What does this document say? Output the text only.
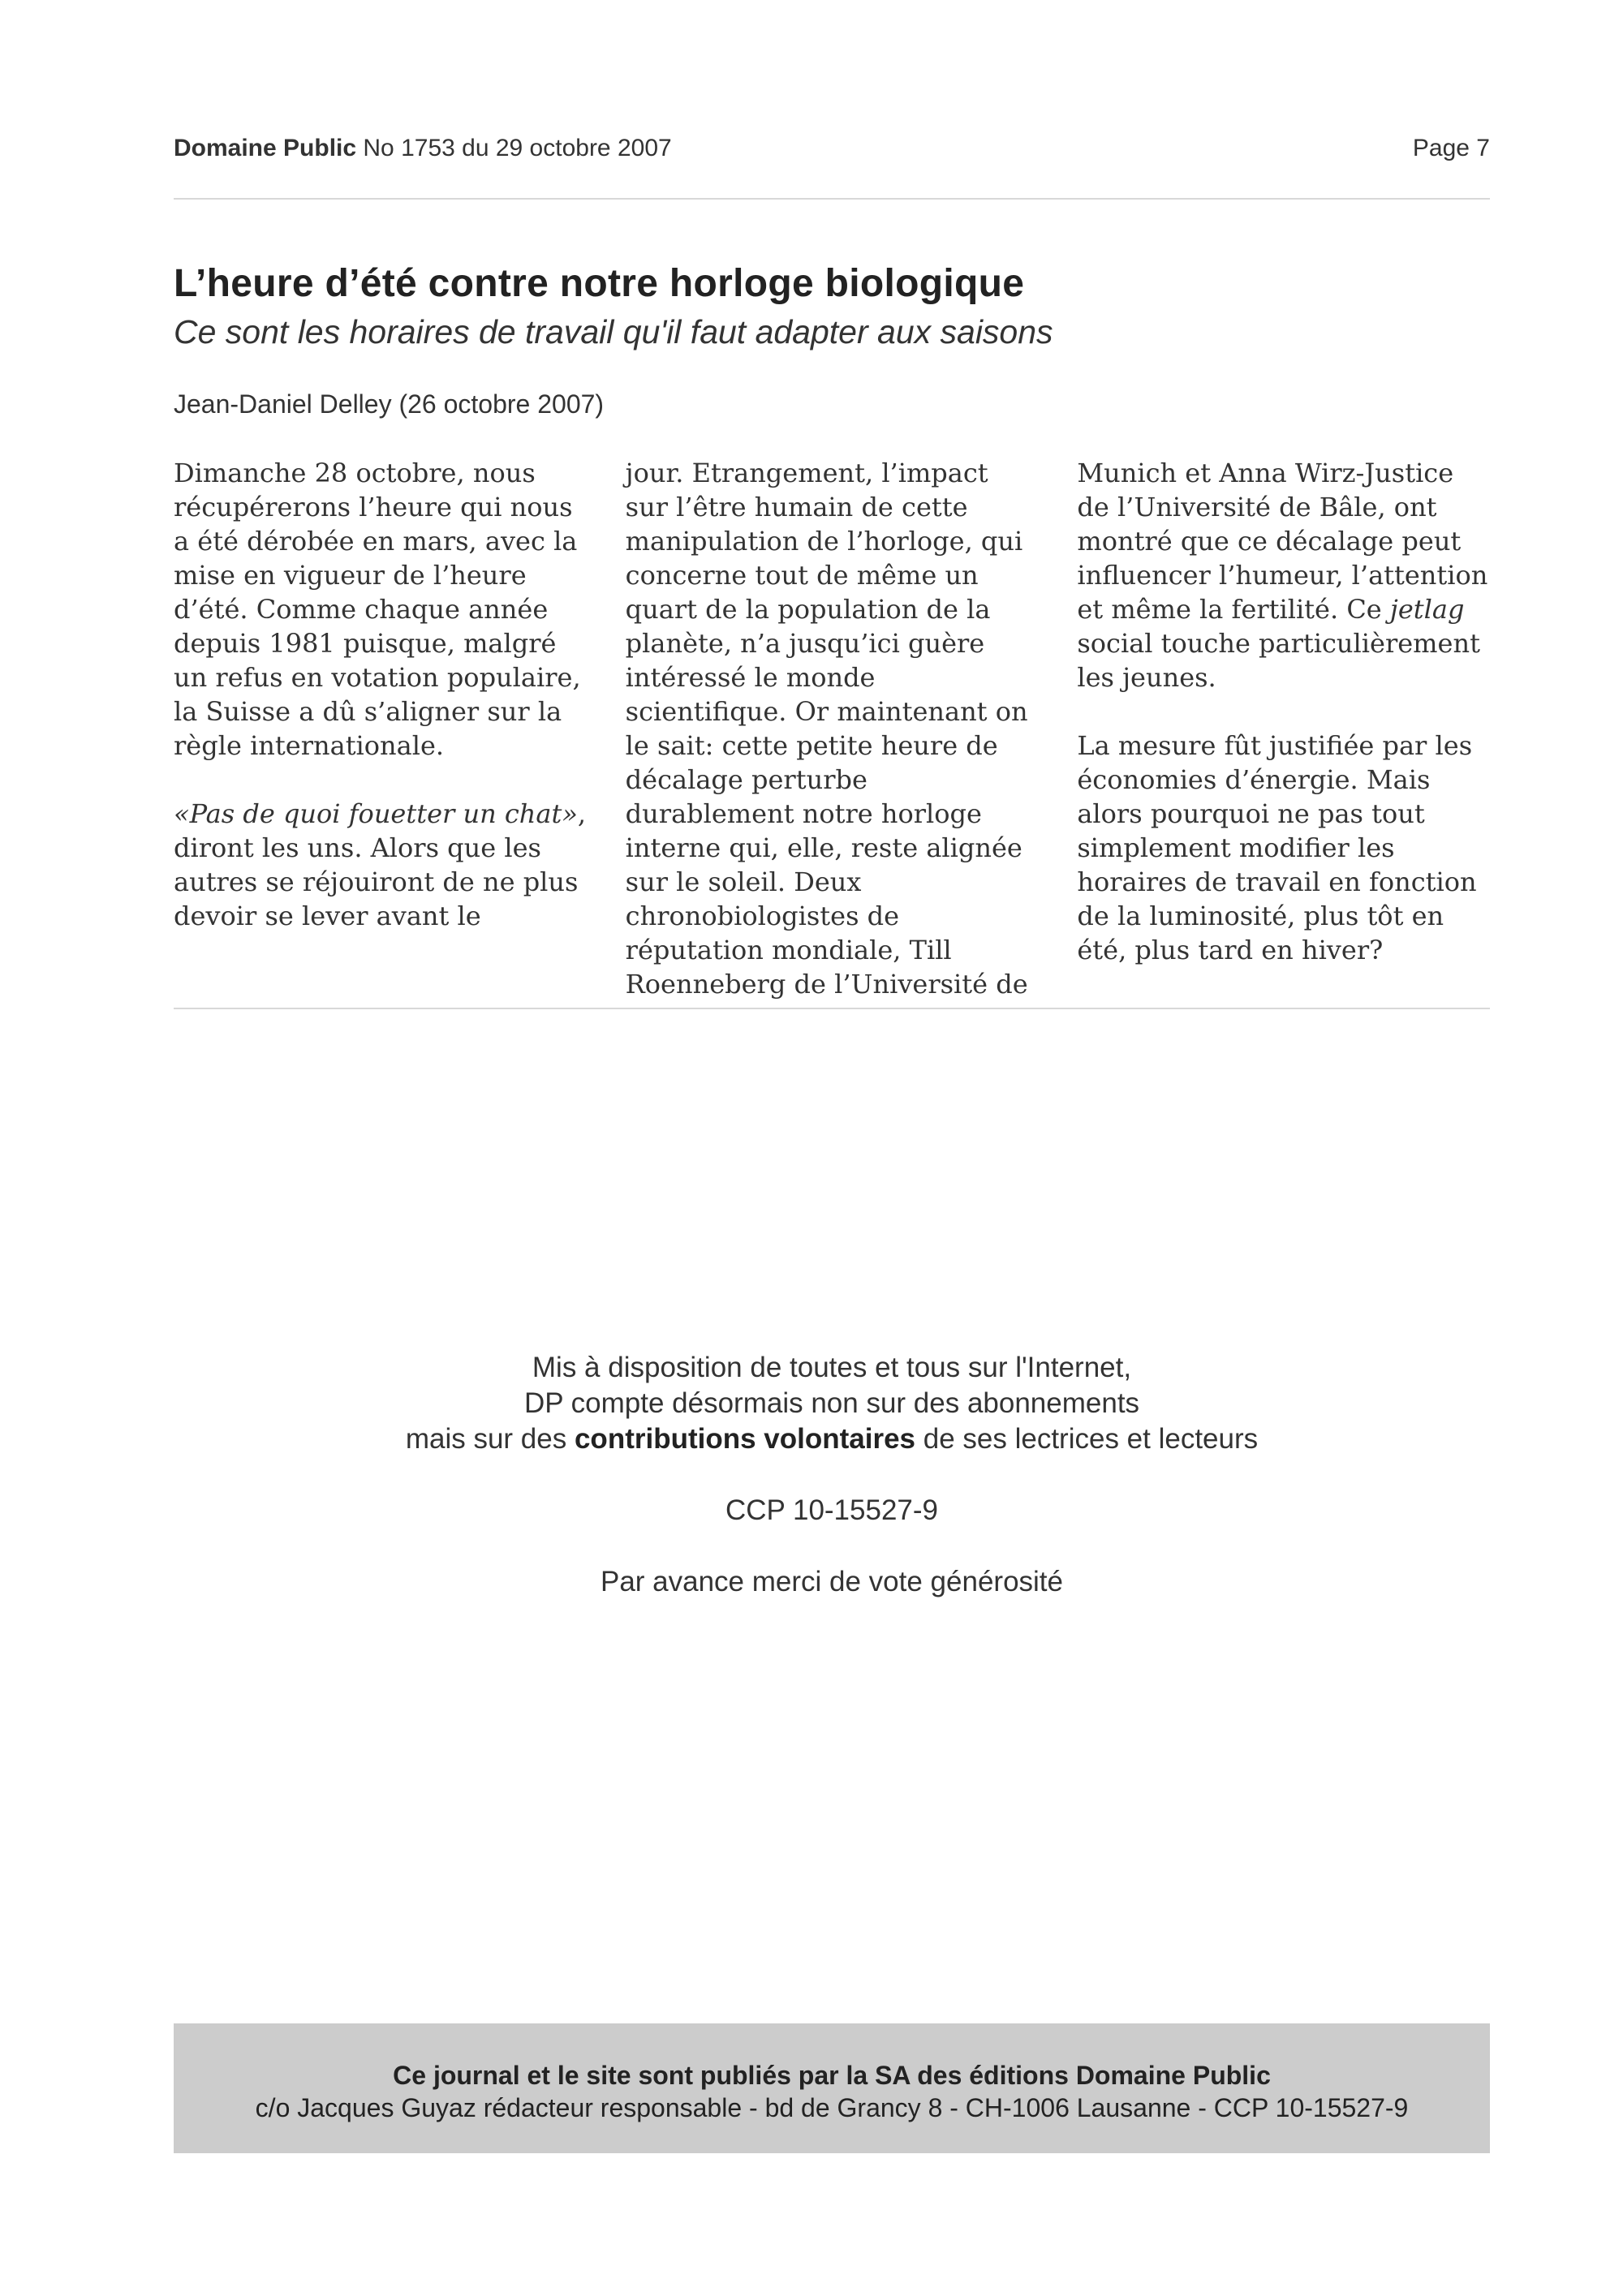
Domaine Public No 1753 du 29 octobre 2007	Page 7
L’heure d’été contre notre horloge biologique
Ce sont les horaires de travail qu'il faut adapter aux saisons
Jean-Daniel Delley (26 octobre 2007)

Dimanche 28 octobre, nous récupérerons l’heure qui nous a été dérobée en mars, avec la mise en vigueur de l’heure d’été. Comme chaque année depuis 1981 puisque, malgré un refus en votation populaire, la Suisse a dû s’aligner sur la règle internationale.

«Pas de quoi fouetter un chat», diront les uns. Alors que les autres se réjouiront de ne plus devoir se lever avant le

jour. Etrangement, l’impact sur l’être humain de cette manipulation de l’horloge, qui concerne tout de même un quart de la population de la planète, n’a jusqu’ici guère intéressé le monde scientifique. Or maintenant on le sait: cette petite heure de décalage perturbe durablement notre horloge interne qui, elle, reste alignée sur le soleil. Deux chronobiologistes de réputation mondiale, Till Roenneberg de l’Université de

Munich et Anna Wirz-Justice de l’Université de Bâle, ont montré que ce décalage peut influencer l’humeur, l’attention et même la fertilité. Ce jetlag social touche particulièrement les jeunes.

La mesure fût justifiée par les économies d’énergie. Mais alors pourquoi ne pas tout simplement modifier les horaires de travail en fonction de la luminosité, plus tôt en été, plus tard en hiver?

Mis à disposition de toutes et tous sur l'Internet,
DP compte désormais non sur des abonnements
mais sur des contributions volontaires de ses lectrices et lecteurs
CCP 10-15527-9
Par avance merci de vote générosité
Ce journal et le site sont publiés par la SA des éditions Domaine Public
c/o Jacques Guyaz rédacteur responsable - bd de Grancy 8 - CH-1006 Lausanne - CCP 10-15527-9
